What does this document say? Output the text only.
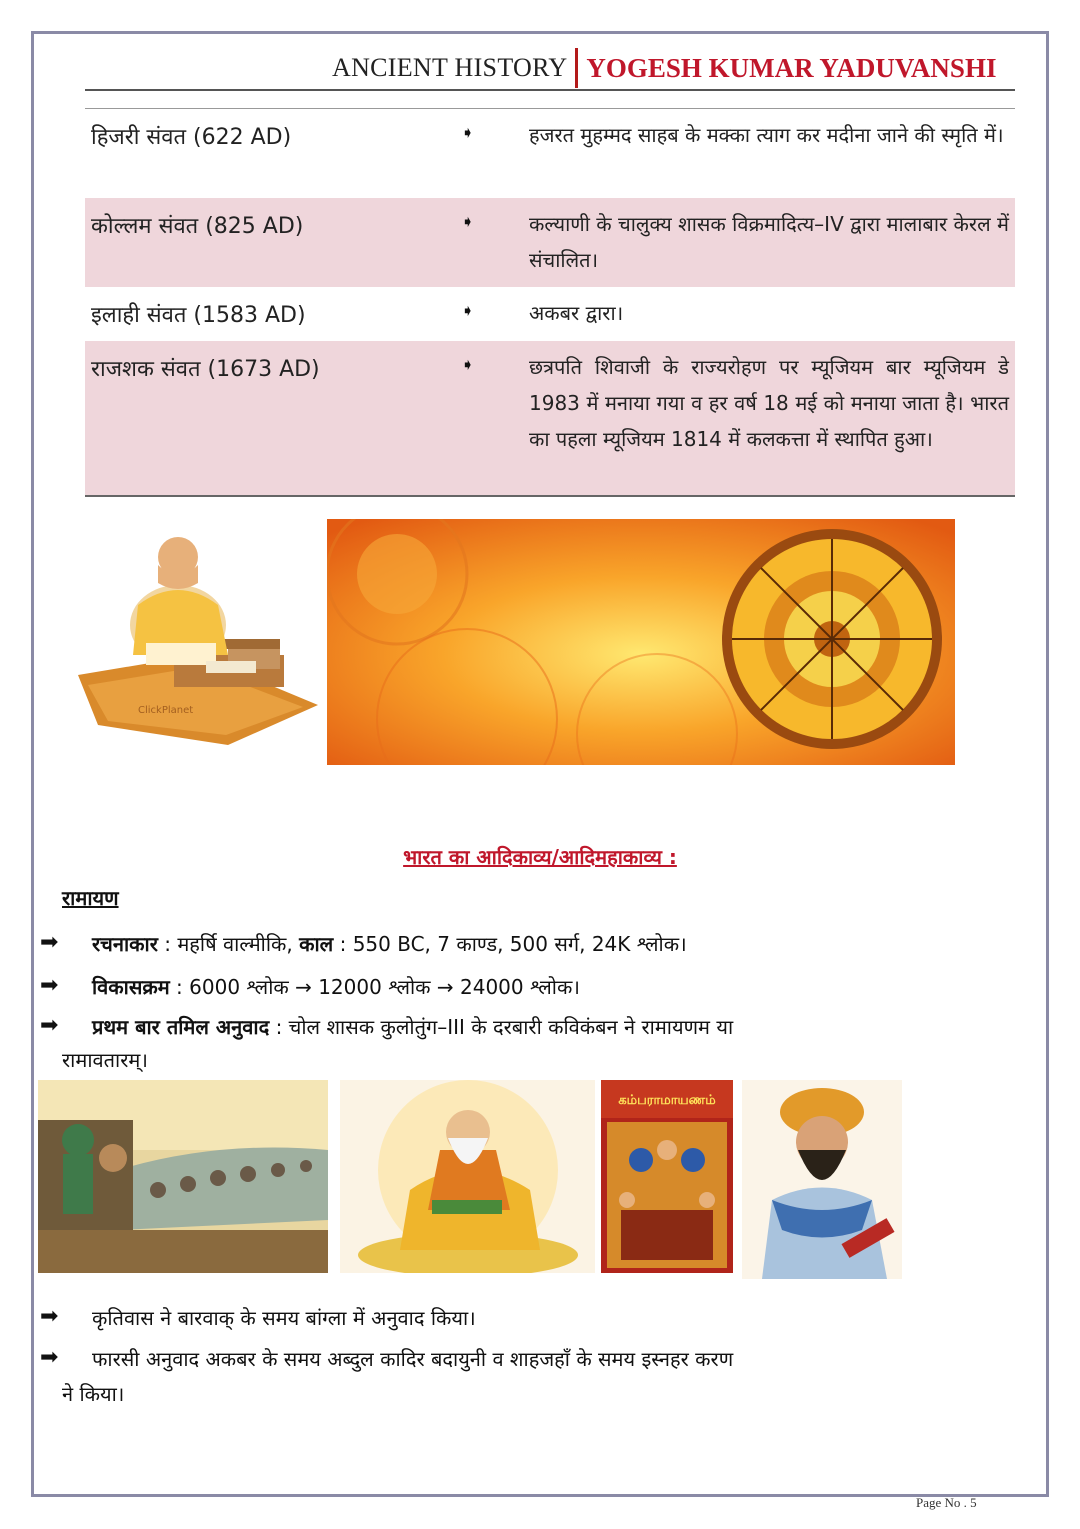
ANCIENT HISTORY YOGESH KUMAR YADUVANSHI
हिजरी संवत (622 AD)	➧	हजरत मुहम्मद साहब के मक्का त्याग कर मदीना जाने की स्मृति में।
कोल्लम संवत (825 AD)	➧	कल्याणी के चालुक्य शासक विक्रमादित्य–IV द्वारा मालाबार केरल में संचालित।
इलाही संवत (1583 AD)	➧	अकबर द्वारा।
राजशक संवत (1673 AD)	➧	छत्रपति शिवाजी के राज्यरोहण पर म्यूजियम बार म्यूजियम डे 1983 में मनाया गया व हर वर्ष 18 मई को मनाया जाता है। भारत का पहला म्यूजियम 1814 में कलकत्ता में स्थापित हुआ।
ClickPlanet
भारत का आदिकाव्य/आदिमहाकाव्य :
रामायण
➡ रचनाकार : महर्षि वाल्मीकि, काल : 550 BC, 7 काण्ड, 500 सर्ग, 24K श्लोक।
➡ विकासक्रम : 6000 श्लोक → 12000 श्लोक → 24000 श्लोक।
➡ प्रथम बार तमिल अनुवाद : चोल शासक कुलोतुंग–III के दरबारी कविकंबन ने रामायणम या
रामावतारम्।
கம்பராமாயணம்
➡ कृतिवास ने बारवाक् के समय बांग्ला में अनुवाद किया।
➡ फारसी अनुवाद अकबर के समय अब्दुल कादिर बदायुनी व शाहजहाँ के समय इस्नहर करण
ने किया।
Page No . 5
